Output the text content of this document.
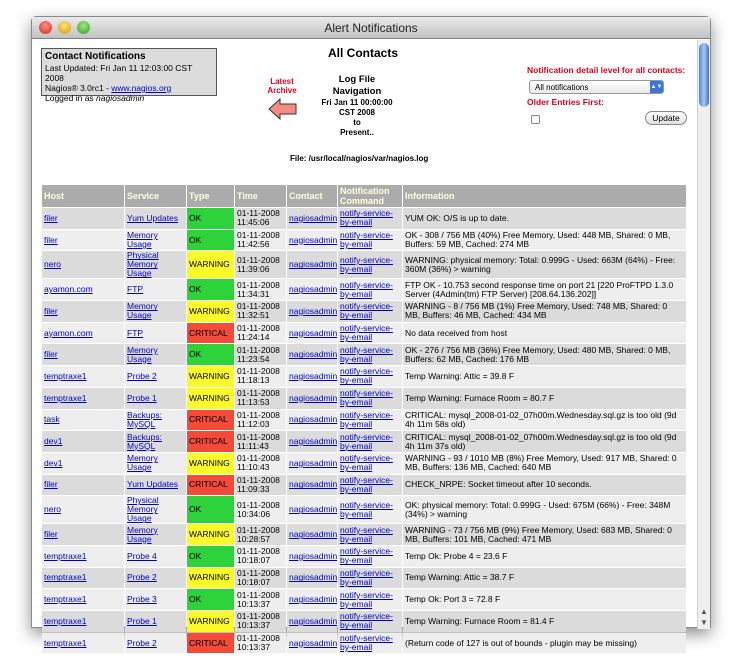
Alert Notifications
Contact Notifications
Last Updated: Fri Jan 11 12:03:00 CST 2008
Nagios® 3.0rc1 - www.nagios.org
Logged in as nagiosadmin
All Contacts
Latest Archive
Log File Navigation
Fri Jan 11 00:00:00 CST 2008
to
Present..
File: /usr/local/nagios/var/nagios.log
Notification detail level for all contacts:
All notifications	▲▼
Older Entries First:
Update
Host	Service	Type	Time	Contact	Notification Command	Information
filer	Yum Updates	OK	01-11-2008 11:45:06	nagiosadmin	notify-service-by-email	YUM OK: O/S is up to date.
filer	Memory Usage	OK	01-11-2008 11:42:56	nagiosadmin	notify-service-by-email	OK - 308 / 756 MB (40%) Free Memory, Used: 448 MB, Shared: 0 MB, Buffers: 59 MB, Cached: 274 MB
nero	Physical Memory Usage	WARNING	01-11-2008 11:39:06	nagiosadmin	notify-service-by-email	WARNING: physical memory: Total: 0.999G - Used: 663M (64%) - Free: 360M (36%) > warning
ayamon.com	FTP	OK	01-11-2008 11:34:31	nagiosadmin	notify-service-by-email	FTP OK - 10.753 second response time on port 21 [220 ProFTPD 1.3.0 Server (4Admin(tm) FTP Server) [208.64.136.202]]
filer	Memory Usage	WARNING	01-11-2008 11:32:51	nagiosadmin	notify-service-by-email	WARNING - 8 / 756 MB (1%) Free Memory, Used: 748 MB, Shared: 0 MB, Buffers: 46 MB, Cached: 434 MB
ayamon.com	FTP	CRITICAL	01-11-2008 11:24:14	nagiosadmin	notify-service-by-email	No data received from host
filer	Memory Usage	OK	01-11-2008 11:23:54	nagiosadmin	notify-service-by-email	OK - 276 / 756 MB (36%) Free Memory, Used: 480 MB, Shared: 0 MB, Buffers: 62 MB, Cached: 176 MB
temptraxe1	Probe 2	WARNING	01-11-2008 11:18:13	nagiosadmin	notify-service-by-email	Temp Warning: Attic = 39.8 F
temptraxe1	Probe 1	WARNING	01-11-2008 11:13:53	nagiosadmin	notify-service-by-email	Temp Warning: Furnace Room = 80.7 F
task	Backups: MySQL	CRITICAL	01-11-2008 11:12:03	nagiosadmin	notify-service-by-email	CRITICAL: mysql_2008-01-02_07h00m.Wednesday.sql.gz is too old (9d 4h 11m 58s old)
dev1	Backups: MySQL	CRITICAL	01-11-2008 11:11:43	nagiosadmin	notify-service-by-email	CRITICAL: mysql_2008-01-02_07h00m.Wednesday.sql.gz is too old (9d 4h 11m 37s old)
dev1	Memory Usage	WARNING	01-11-2008 11:10:43	nagiosadmin	notify-service-by-email	WARNING - 93 / 1010 MB (8%) Free Memory, Used: 917 MB, Shared: 0 MB, Buffers: 136 MB, Cached: 640 MB
filer	Yum Updates	CRITICAL	01-11-2008 11:09:33	nagiosadmin	notify-service-by-email	CHECK_NRPE: Socket timeout after 10 seconds.
nero	Physical Memory Usage	OK	01-11-2008 10:34:06	nagiosadmin	notify-service-by-email	OK: physical memory: Total: 0.999G - Used: 675M (66%) - Free: 348M (34%) > warning
filer	Memory Usage	WARNING	01-11-2008 10:28:57	nagiosadmin	notify-service-by-email	WARNING - 73 / 756 MB (9%) Free Memory, Used: 683 MB, Shared: 0 MB, Buffers: 101 MB, Cached: 471 MB
temptraxe1	Probe 4	OK	01-11-2008 10:18:07	nagiosadmin	notify-service-by-email	Temp Ok: Probe 4 = 23.6 F
temptraxe1	Probe 2	WARNING	01-11-2008 10:18:07	nagiosadmin	notify-service-by-email	Temp Warning: Attic = 38.7 F
temptraxe1	Probe 3	OK	01-11-2008 10:13:37	nagiosadmin	notify-service-by-email	Temp Ok: Port 3 = 72.8 F
temptraxe1	Probe 1	WARNING	01-11-2008 10:13:37	nagiosadmin	notify-service-by-email	Temp Warning: Furnace Room = 81.4 F
temptraxe1	Probe 2	CRITICAL	01-11-2008 10:13:37	nagiosadmin	notify-service-by-email	(Return code of 127 is out of bounds - plugin may be missing)
▲
▼
